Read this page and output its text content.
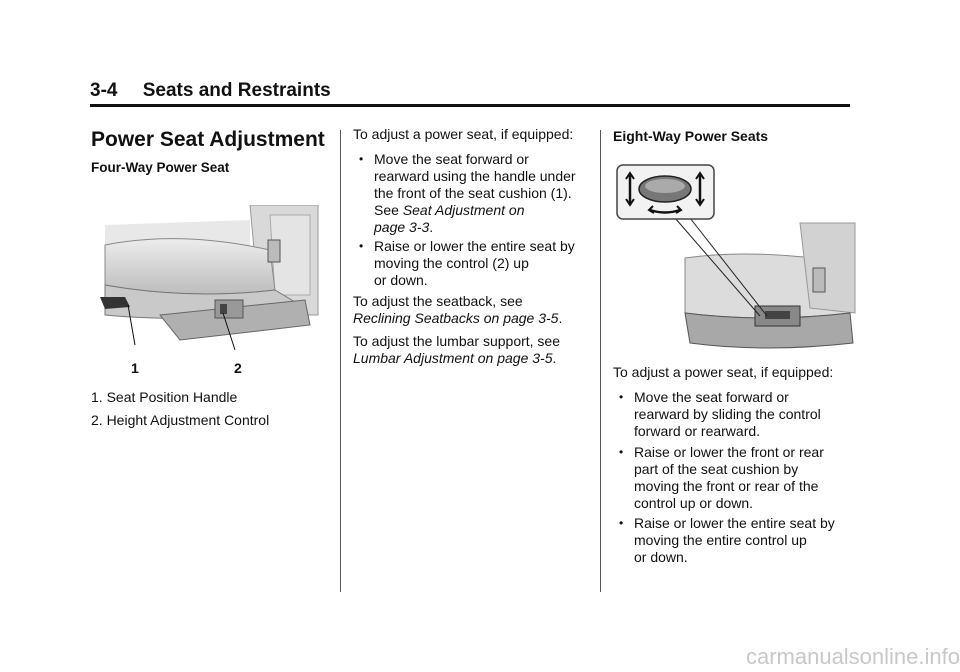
3-4 Seats and Restraints
Power Seat Adjustment
Four-Way Power Seat
1	2
1. Seat Position Handle
2. Height Adjustment Control
To adjust a power seat, if equipped:
• Move the seat forward or
rearward using the handle under
the front of the seat cushion (1).
See Seat Adjustment on
page 3-3.
• Raise or lower the entire seat by
moving the control (2) up
or down.
To adjust the seatback, see
Reclining Seatbacks on page 3-5.
To adjust the lumbar support, see
Lumbar Adjustment on page 3-5.
Eight-Way Power Seats
To adjust a power seat, if equipped:
• Move the seat forward or
rearward by sliding the control
forward or rearward.
• Raise or lower the front or rear
part of the seat cushion by
moving the front or rear of the
control up or down.
• Raise or lower the entire seat by
moving the entire control up
or down.
carmanualsonline.info
